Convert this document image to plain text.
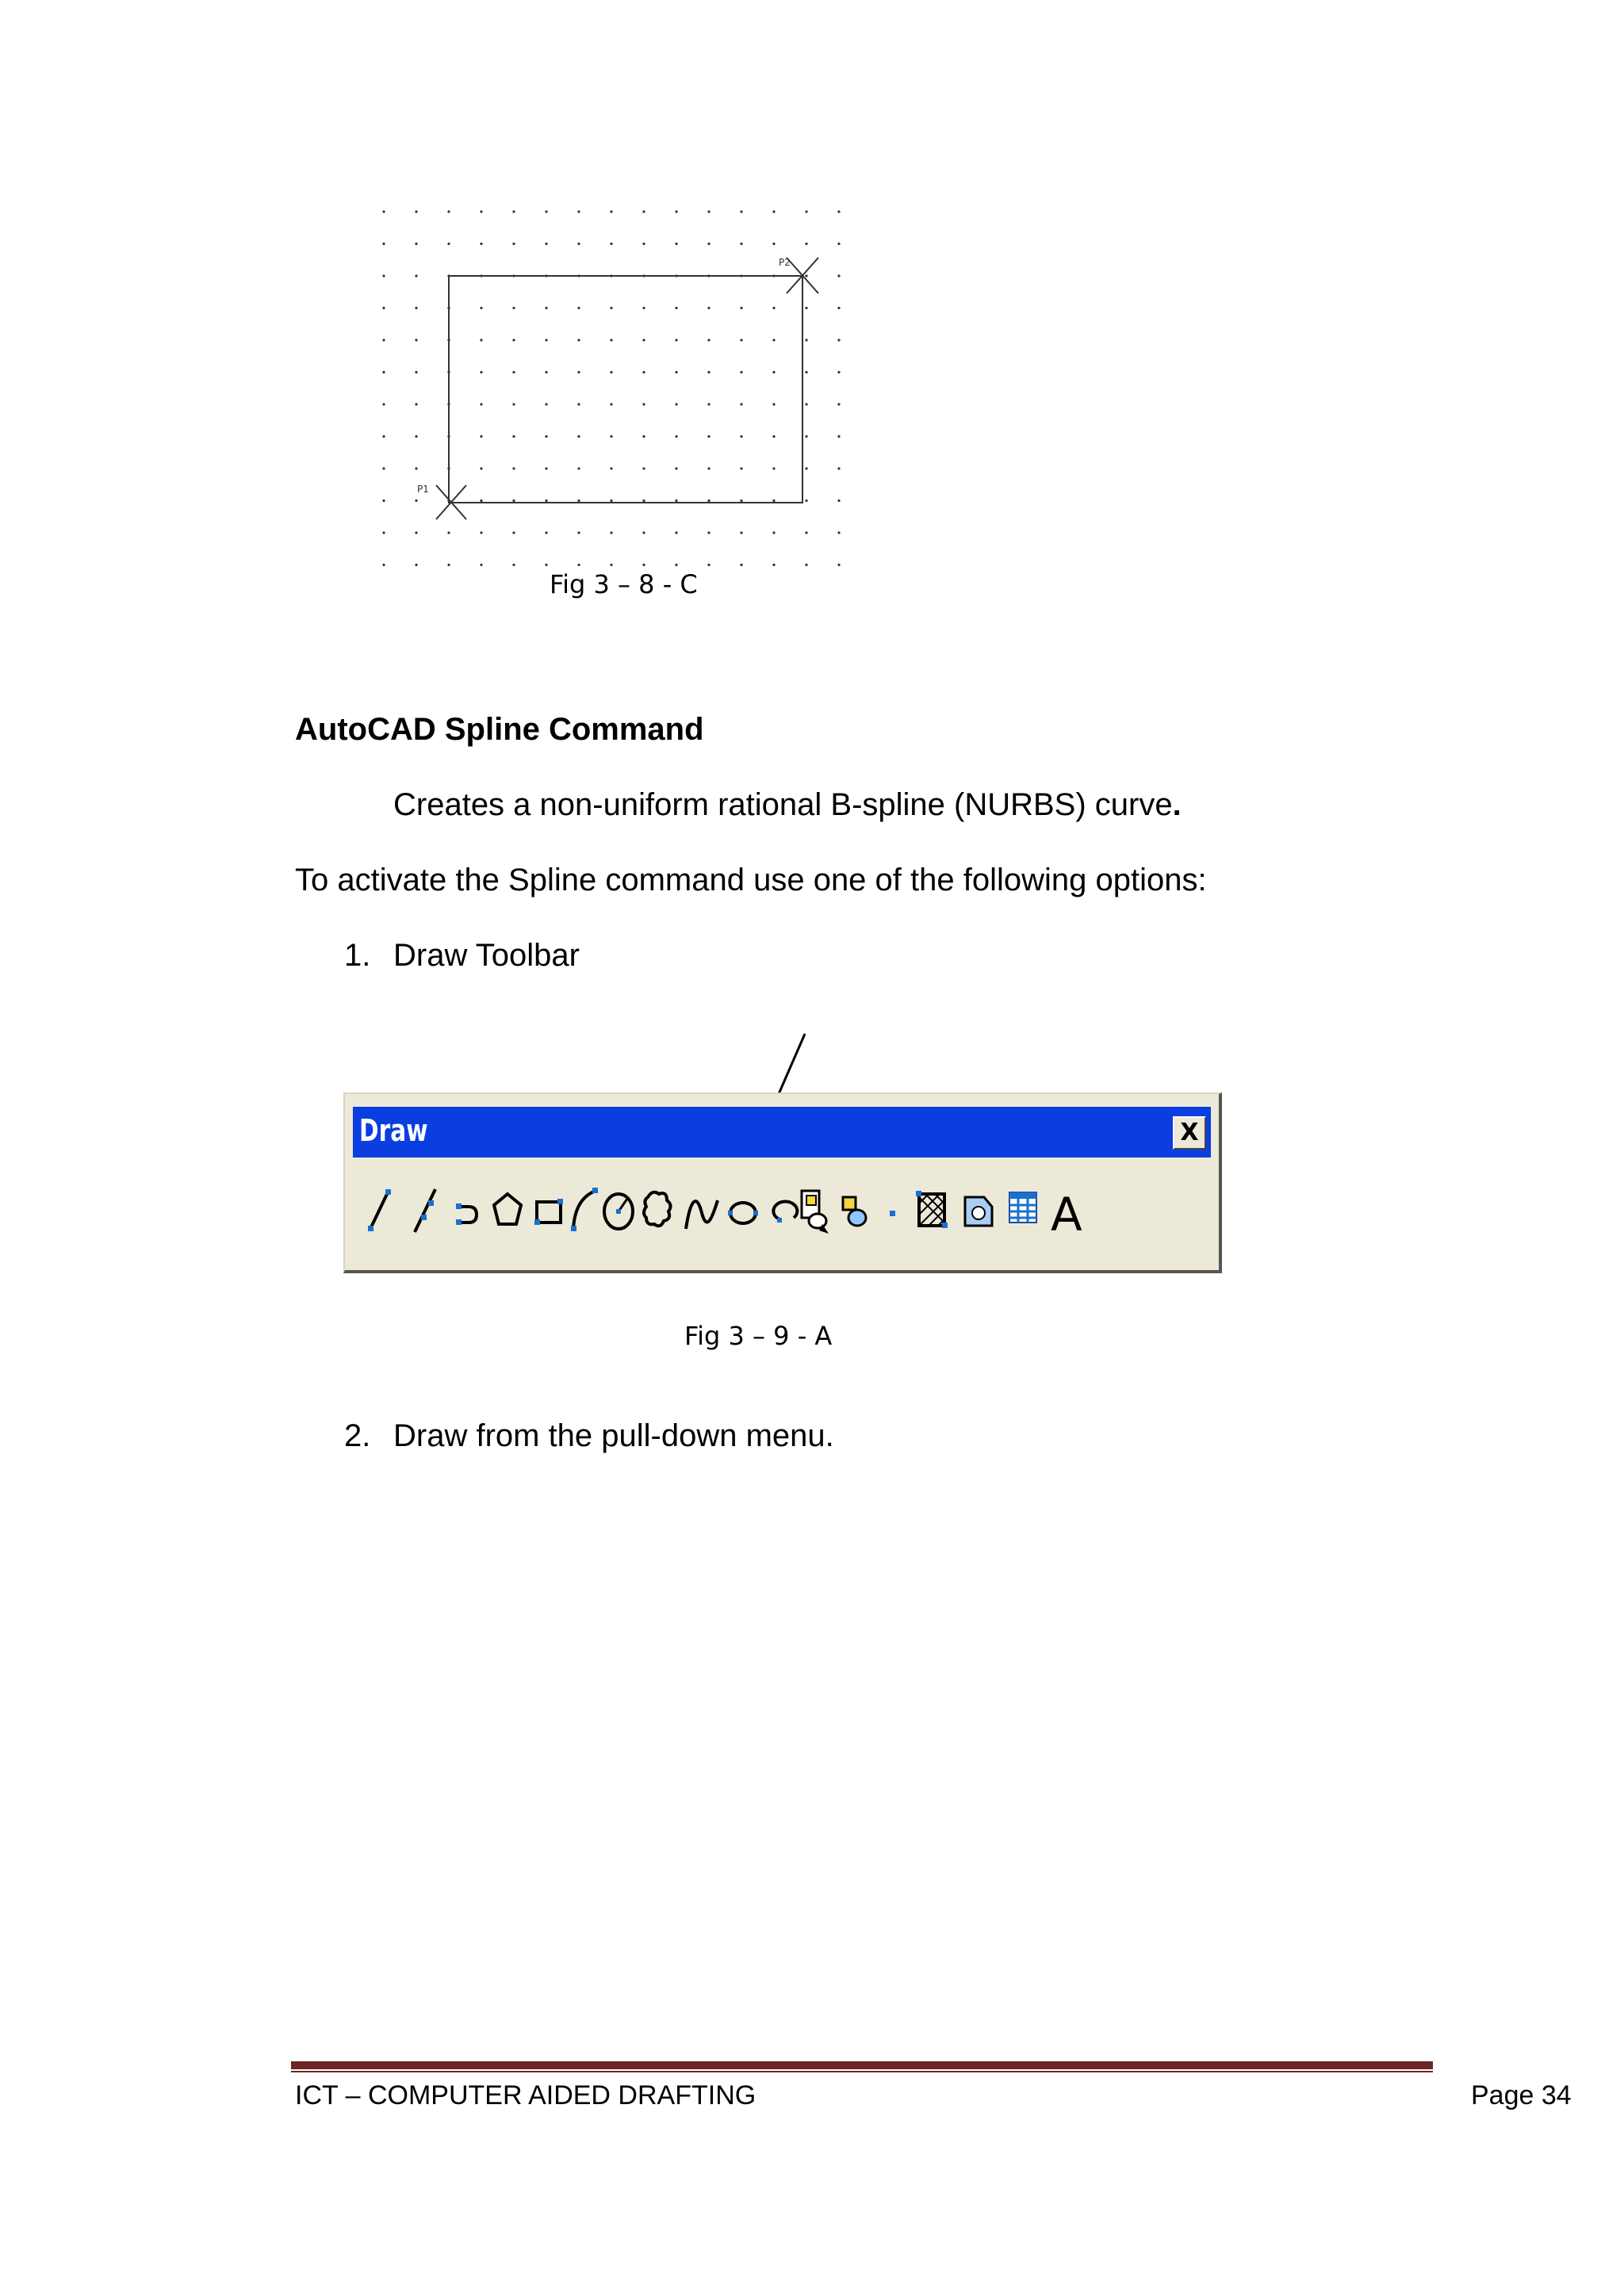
P1
P2
Fig 3 – 8 - C
AutoCAD Spline Command
Creates a non-uniform rational B-spline (NURBS) curve.
To activate the Spline command use one of the following options:
1. Draw Toolbar
Draw	X
A
Fig 3 – 9 - A
2. Draw from the pull-down menu.
ICT – COMPUTER AIDED DRAFTING	Page 34
